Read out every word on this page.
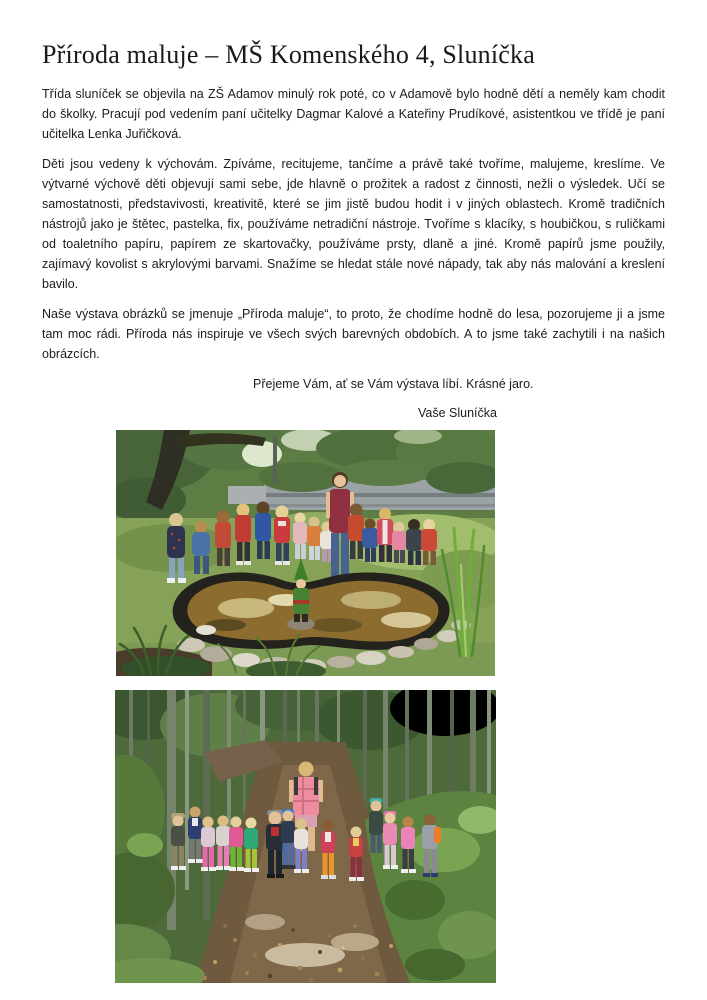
Příroda maluje – MŠ Komenského 4, Sluníčka

Třída sluníček se objevila na ZŠ Adamov minulý rok poté, co v Adamově bylo hodně dětí a neměly kam chodit do školky. Pracují pod vedením paní učitelky Dagmar Kalové a Kateřiny Prudíkové, asistentkou ve třídě je paní učitelka Lenka Juřičková.

Děti jsou vedeny k výchovám. Zpíváme, recitujeme, tančíme a právě také tvoříme, malujeme, kreslíme. Ve výtvarné výchově děti objevují sami sebe, jde hlavně o prožitek a radost z činnosti, nežli o výsledek. Učí se samostatnosti, představivosti, kreativitě, které se jim jistě budou hodit i v jiných oblastech. Kromě tradičních nástrojů jako je štětec, pastelka, fix, používáme netradiční nástroje. Tvoříme s klacíky, s houbičkou, s ruličkami od toaletního papíru, papírem ze skartovačky, používáme prsty, dlaně a jiné. Kromě papírů jsme použily, zajímavý kovolist s akrylovými barvami. Snažíme se hledat stále nové nápady, tak aby nás malování a kreslení bavilo.

Naše výstava obrázků se jmenuje „Příroda maluje“, to proto, že chodíme hodně do lesa, pozorujeme ji a jsme tam moc rádi. Příroda nás inspiruje ve všech svých barevných obdobích. A to jsme také zachytili i na našich obrázcích.

Přejeme Vám, ať se Vám výstava líbí. Krásné jaro.

Vaše Sluníčka
